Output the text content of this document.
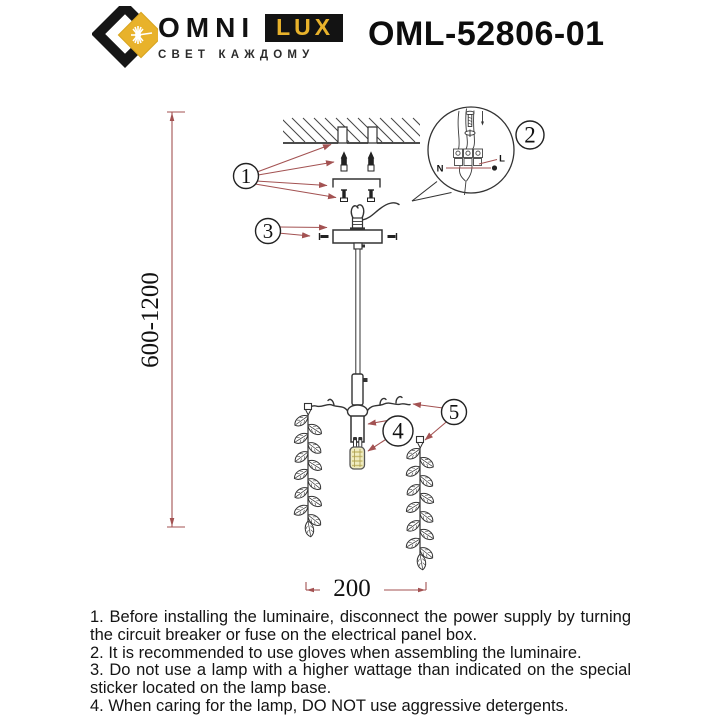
OMNI LUX
СВЕТ КАЖДОМУ
OML-52806-01
N
L
1
2
3
4
5
600-1200
200

1. Before installing the luminaire, disconnect the power supply by turning the circuit breaker or fuse on the electrical panel box.

2. It is recommended to use gloves when assembling the luminaire.

3. Do not use a lamp with a higher wattage than indicated on the special sticker located on the lamp base.

4. When caring for the lamp, DO NOT use aggressive detergents.
